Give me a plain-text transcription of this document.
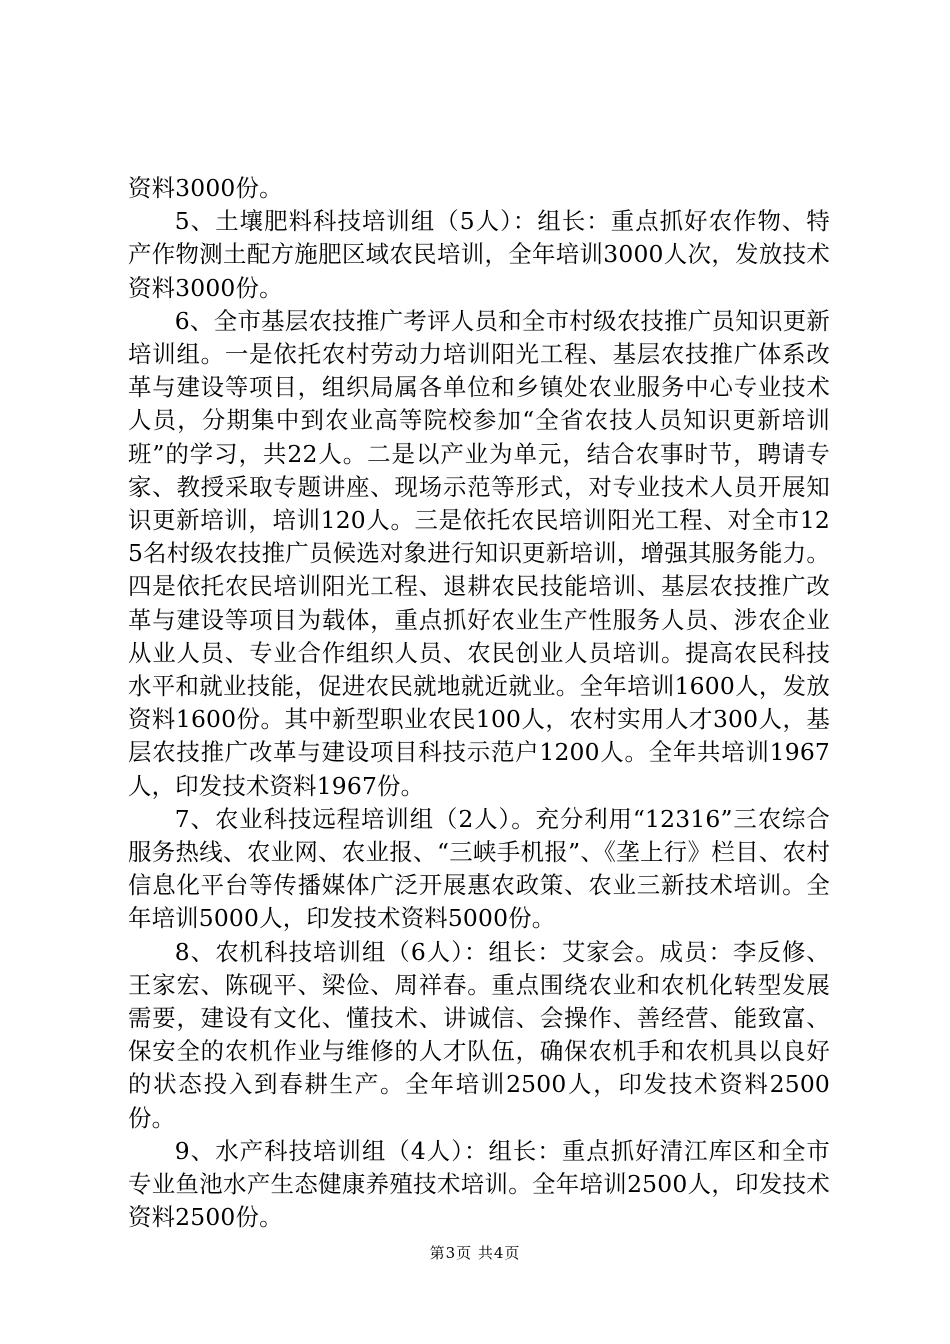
资料3000份。

5、土壤肥料科技培训组（5人）：组长：重点抓好农作物、特产作物测土配方施肥区域农民培训，全年培训3000人次，发放技术资料3000份。

6、全市基层农技推广考评人员和全市村级农技推广员知识更新培训组。一是依托农村劳动力培训阳光工程、基层农技推广体系改革与建设等项目，组织局属各单位和乡镇处农业服务中心专业技术人员，分期集中到农业高等院校参加“全省农技人员知识更新培训班”的学习，共22人。二是以产业为单元，结合农事时节，聘请专家、教授采取专题讲座、现场示范等形式，对专业技术人员开展知识更新培训，培训120人。三是依托农民培训阳光工程、对全市125名村级农技推广员候选对象进行知识更新培训，增强其服务能力。四是依托农民培训阳光工程、退耕农民技能培训、基层农技推广改革与建设等项目为载体，重点抓好农业生产性服务人员、涉农企业从业人员、专业合作组织人员、农民创业人员培训。提高农民科技水平和就业技能，促进农民就地就近就业。全年培训1600人，发放资料1600份。其中新型职业农民100人，农村实用人才300人，基层农技推广改革与建设项目科技示范户1200人。全年共培训1967人，印发技术资料1967份。

7、农业科技远程培训组（2人）。充分利用“12316”三农综合服务热线、农业网、农业报、“三峡手机报”、《垄上行》栏目、农村信息化平台等传播媒体广泛开展惠农政策、农业三新技术培训。全年培训5000人，印发技术资料5000份。

8、农机科技培训组（6人）：组长：艾家会。成员：李反修、王家宏、陈砚平、梁俭、周祥春。重点围绕农业和农机化转型发展需要，建设有文化、懂技术、讲诚信、会操作、善经营、能致富、保安全的农机作业与维修的人才队伍，确保农机手和农机具以良好的状态投入到春耕生产。全年培训2500人，印发技术资料2500份。

9、水产科技培训组（4人）：组长：重点抓好清江库区和全市专业鱼池水产生态健康养殖技术培训。全年培训2500人，印发技术资料2500份。

第3页 共4页
